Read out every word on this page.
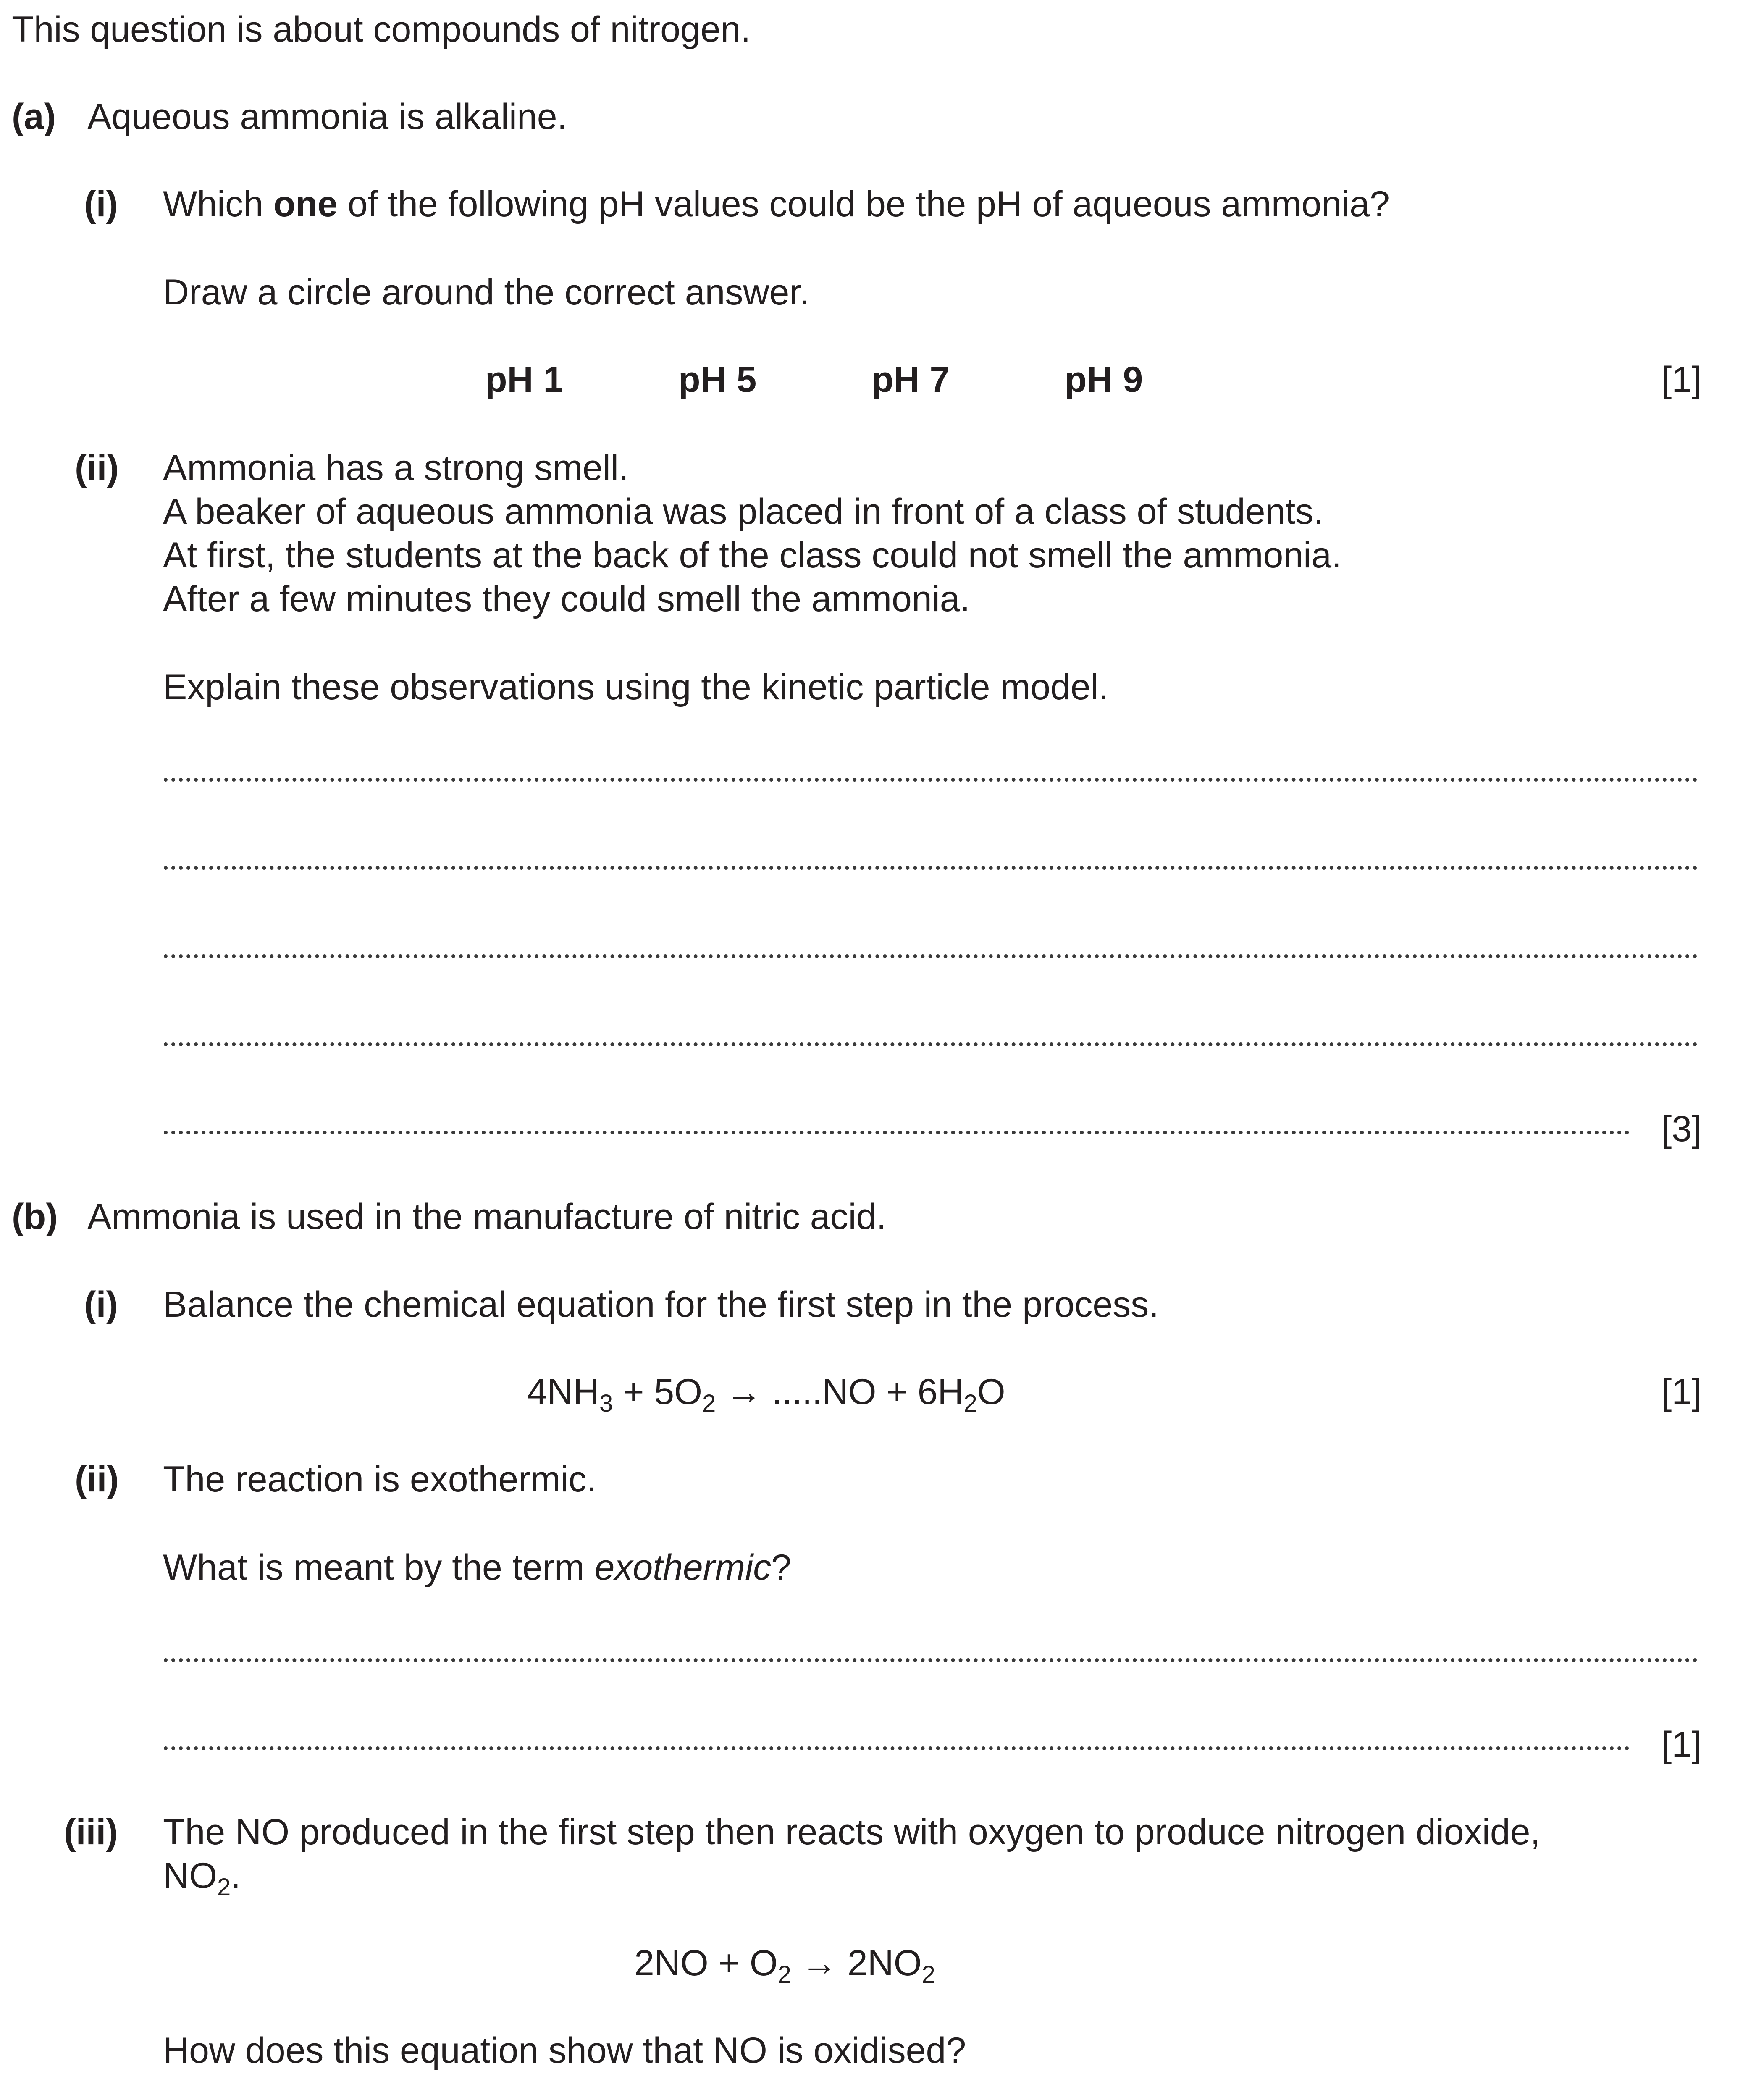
This question is about compounds of nitrogen.
(a) Aqueous ammonia is alkaline.
(i) Which one of the following pH values could be the pH of aqueous ammonia?
Draw a circle around the correct answer.
pH 1	pH 5	pH 7	pH 9	[1]
(ii) Ammonia has a strong smell.
A beaker of aqueous ammonia was placed in front of a class of students.
At first, the students at the back of the class could not smell the ammonia.
After a few minutes they could smell the ammonia.
Explain these observations using the kinetic particle model.
[3]
(b) Ammonia is used in the manufacture of nitric acid.
(i) Balance the chemical equation for the first step in the process.
$4NH_3 + 5O_2 \to .....NO + 6H_2O$	[1]
(ii) The reaction is exothermic.
What is meant by the term exothermic?
[1]
(iii) The NO produced in the first step then reacts with oxygen to produce nitrogen dioxide,
$NO_2$.
$2NO + O_2 \to 2NO_2$
How does this equation show that NO is oxidised?
